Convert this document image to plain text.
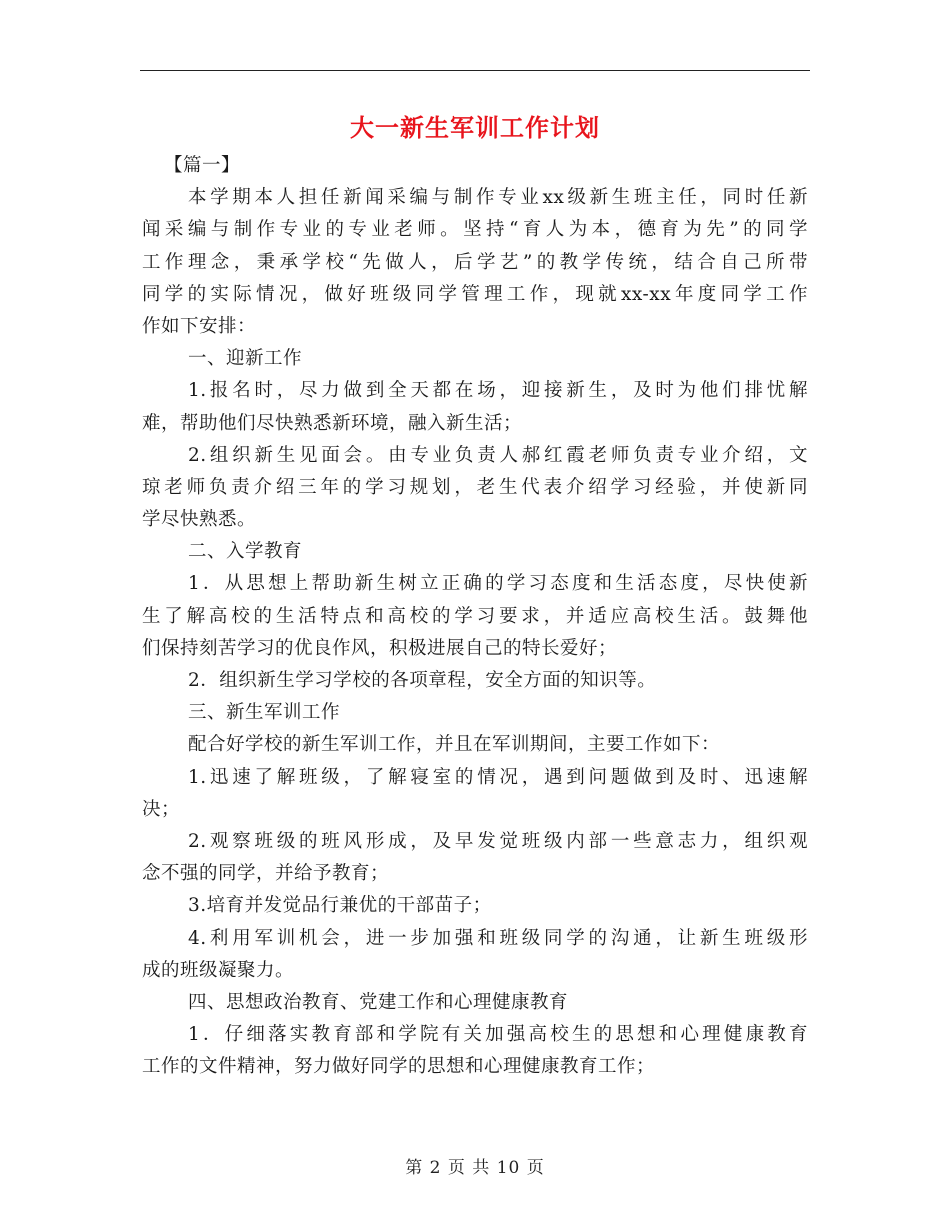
大一新生军训工作计划
【篇一】
本学期本人担任新闻采编与制作专业xx级新生班主任，同时任新
闻采编与制作专业的专业老师。坚持“育人为本，德育为先”的同学
工作理念，秉承学校“先做人，后学艺”的教学传统，结合自己所带
同学的实际情况，做好班级同学管理工作，现就xx-xx年度同学工作
作如下安排：
一、迎新工作
1.报名时，尽力做到全天都在场，迎接新生，及时为他们排忧解
难，帮助他们尽快熟悉新环境，融入新生活；
2.组织新生见面会。由专业负责人郝红霞老师负责专业介绍，文
琼老师负责介绍三年的学习规划，老生代表介绍学习经验，并使新同
学尽快熟悉。
二、入学教育
1．从思想上帮助新生树立正确的学习态度和生活态度，尽快使新
生了解高校的生活特点和高校的学习要求，并适应高校生活。鼓舞他
们保持刻苦学习的优良作风，积极进展自己的特长爱好；
2．组织新生学习学校的各项章程，安全方面的知识等。
三、新生军训工作
配合好学校的新生军训工作，并且在军训期间，主要工作如下：
1.迅速了解班级，了解寝室的情况，遇到问题做到及时、迅速解
决；
2.观察班级的班风形成，及早发觉班级内部一些意志力，组织观
念不强的同学，并给予教育；
3.培育并发觉品行兼优的干部苗子；
4.利用军训机会，进一步加强和班级同学的沟通，让新生班级形
成的班级凝聚力。
四、思想政治教育、党建工作和心理健康教育
1．仔细落实教育部和学院有关加强高校生的思想和心理健康教育
工作的文件精神，努力做好同学的思想和心理健康教育工作；
第 2 页 共 10 页
